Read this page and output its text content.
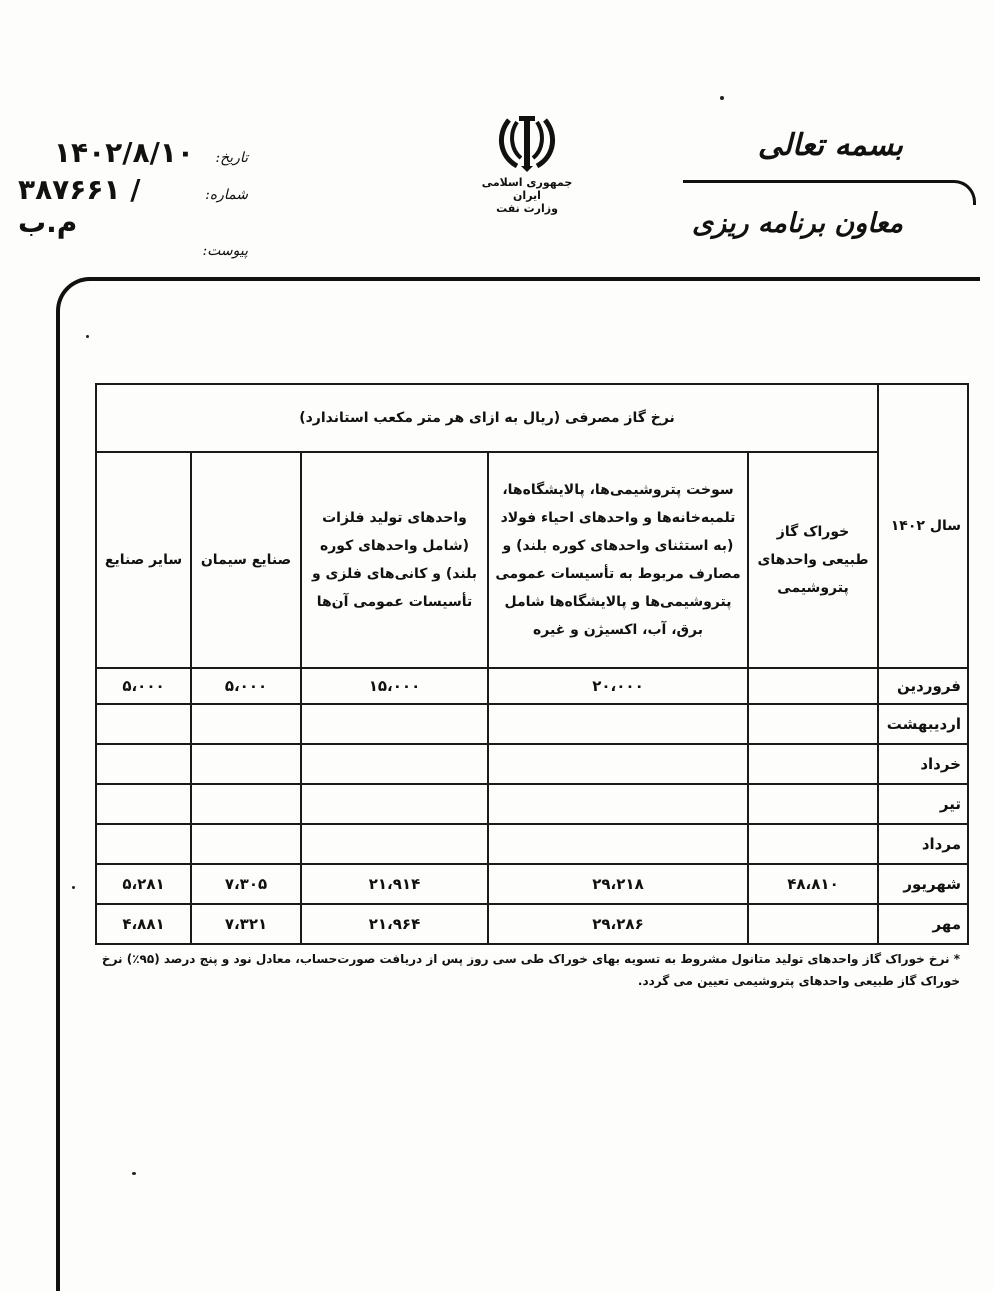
بسمه تعالی
معاون برنامه ریزی
جمهوری اسلامی ایران
وزارت نفت
تاریخ:
۱۴۰۲/۸/۱۰
شماره:
۳۸۷۶۶۱ /م.ب
پیوست:
سال ۱۴۰۲	نرخ گاز مصرفی (ریال به ازای هر متر مکعب استاندارد)				
	خوراک گاز طبیعی واحدهای پتروشیمی	سوخت پتروشیمی‌ها، پالایشگاه‌ها، تلمبه‌خانه‌ها و واحدهای احیاء فولاد (به استثنای واحدهای کوره بلند) و مصارف مربوط به تأسیسات عمومی پتروشیمی‌ها و پالایشگاه‌ها شامل برق، آب، اکسیژن و غیره	واحدهای تولید فلزات (شامل واحدهای کوره بلند) و کانی‌های فلزی و تأسیسات عمومی آن‌ها	صنایع سیمان	سایر صنایع
فروردین		۲۰،۰۰۰	۱۵،۰۰۰	۵،۰۰۰	۵،۰۰۰
اردیبهشت					
خرداد					
تیر					
مرداد					
شهریور	۴۸،۸۱۰	۲۹،۲۱۸	۲۱،۹۱۴	۷،۳۰۵	۵،۲۸۱
مهر		۲۹،۲۸۶	۲۱،۹۶۴	۷،۳۲۱	۴،۸۸۱
* نرخ خوراک گاز واحدهای تولید متانول مشروط به تسویه بهای خوراک طی سی روز پس از دریافت صورت‌حساب، معادل نود و پنج درصد (۹۵٪) نرخ خوراک گاز طبیعی واحدهای پتروشیمی تعیین می گردد.
